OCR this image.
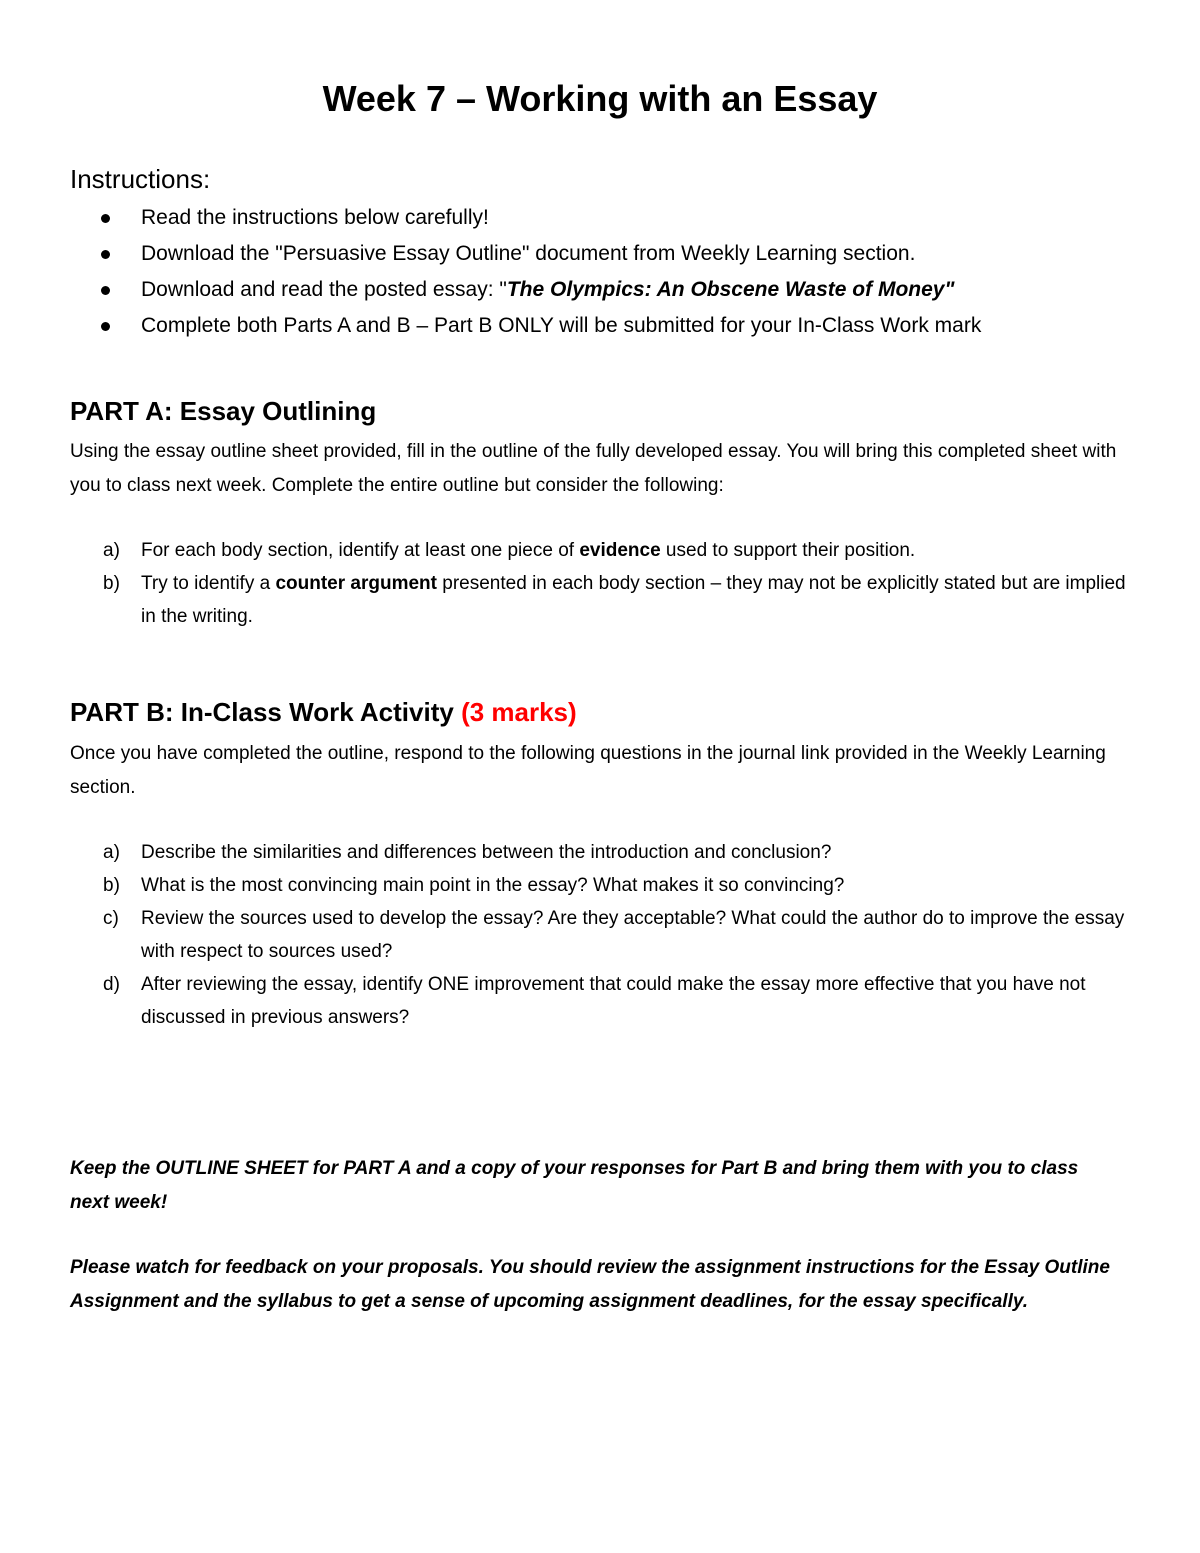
Week 7 – Working with an Essay
Instructions:
Read the instructions below carefully!
Download the "Persuasive Essay Outline" document from Weekly Learning section.
Download and read the posted essay: "The Olympics: An Obscene Waste of Money"
Complete both Parts A and B – Part B ONLY will be submitted for your In-Class Work mark
PART A: Essay Outlining

Using the essay outline sheet provided, fill in the outline of the fully developed essay. You will bring this completed sheet with you to class next week. Complete the entire outline but consider the following:

a) For each body section, identify at least one piece of evidence used to support their position.
b) Try to identify a counter argument presented in each body section – they may not be explicitly stated but are implied in the writing.
PART B: In-Class Work Activity (3 marks)

Once you have completed the outline, respond to the following questions in the journal link provided in the Weekly Learning section.

a) Describe the similarities and differences between the introduction and conclusion?
b) What is the most convincing main point in the essay? What makes it so convincing?
c) Review the sources used to develop the essay? Are they acceptable? What could the author do to improve the essay with respect to sources used?
d) After reviewing the essay, identify ONE improvement that could make the essay more effective that you have not discussed in previous answers?

Keep the OUTLINE SHEET for PART A and a copy of your responses for Part B and bring them with you to class next week!

Please watch for feedback on your proposals. You should review the assignment instructions for the Essay Outline Assignment and the syllabus to get a sense of upcoming assignment deadlines, for the essay specifically.
